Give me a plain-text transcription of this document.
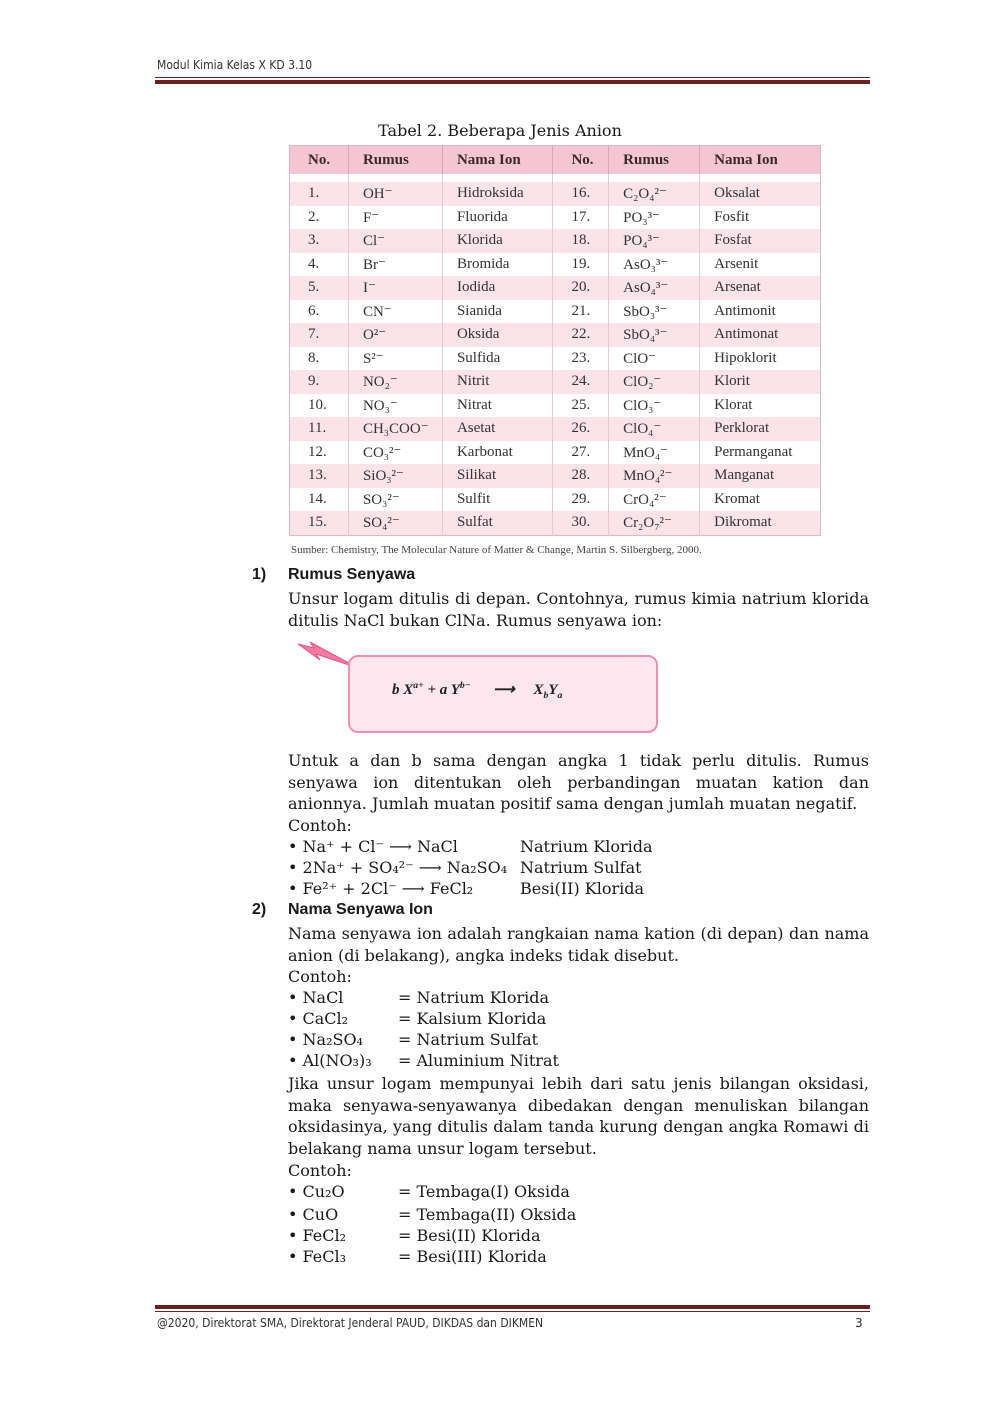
Modul Kimia Kelas X KD 3.10
Tabel 2. Beberapa Jenis Anion
No.	Rumus	Nama Ion	No.	Rumus	Nama Ion

1.	OH⁻	Hidroksida	16.	C₂O₄²⁻	Oksalat
2.	F⁻	Fluorida	17.	PO₃³⁻	Fosfit
3.	Cl⁻	Klorida	18.	PO₄³⁻	Fosfat
4.	Br⁻	Bromida	19.	AsO₃³⁻	Arsenit
5.	I⁻	Iodida	20.	AsO₄³⁻	Arsenat
6.	CN⁻	Sianida	21.	SbO₃³⁻	Antimonit
7.	O²⁻	Oksida	22.	SbO₄³⁻	Antimonat
8.	S²⁻	Sulfida	23.	ClO⁻	Hipoklorit
9.	NO₂⁻	Nitrit	24.	ClO₂⁻	Klorit
10.	NO₃⁻	Nitrat	25.	ClO₃⁻	Klorat
11.	CH₃COO⁻	Asetat	26.	ClO₄⁻	Perklorat
12.	CO₃²⁻	Karbonat	27.	MnO₄⁻	Permanganat
13.	SiO₃²⁻	Silikat	28.	MnO₄²⁻	Manganat
14.	SO₃²⁻	Sulfit	29.	CrO₄²⁻	Kromat
15.	SO₄²⁻	Sulfat	30.	Cr₂O₇²⁻	Dikromat
Sumber: Chemistry, The Molecular Nature of Matter & Change, Martin S. Silbergberg, 2000.
1) Rumus Senyawa
Unsur logam ditulis di depan. Contohnya, rumus kimia natrium klorida ditulis NaCl bukan ClNa. Rumus senyawa ion:
b $X^{a+} + a$ $Y^{b-}$      ⟶     $X_bY_a$
Untuk a dan b sama dengan angka 1 tidak perlu ditulis. Rumus senyawa ion ditentukan oleh perbandingan muatan kation dan anionnya. Jumlah muatan positif sama dengan jumlah muatan negatif.
Contoh:
• Na⁺ + Cl⁻ ⟶ NaCl	Natrium Klorida
• 2Na⁺ + SO₄²⁻ ⟶ Na₂SO₄ Natrium Sulfat
• Fe²⁺ + 2Cl⁻ ⟶ FeCl₂	Besi(II) Klorida
2) Nama Senyawa Ion
Nama senyawa ion adalah rangkaian nama kation (di depan) dan nama anion (di belakang), angka indeks tidak disebut.
Contoh:
• NaCl	= Natrium Klorida
• CaCl₂	= Kalsium Klorida
• Na₂SO₄ = Natrium Sulfat
• Al(NO₃)₃ = Aluminium Nitrat
Jika unsur logam mempunyai lebih dari satu jenis bilangan oksidasi, maka senyawa-senyawanya dibedakan dengan menuliskan bilangan oksidasinya, yang ditulis dalam tanda kurung dengan angka Romawi di belakang nama unsur logam tersebut.
Contoh:
• Cu₂O	= Tembaga(I) Oksida
• CuO	= Tembaga(II) Oksida
• FeCl₂	= Besi(II) Klorida
• FeCl₃	= Besi(III) Klorida
@2020, Direktorat SMA, Direktorat Jenderal PAUD, DIKDAS dan DIKMEN	3
